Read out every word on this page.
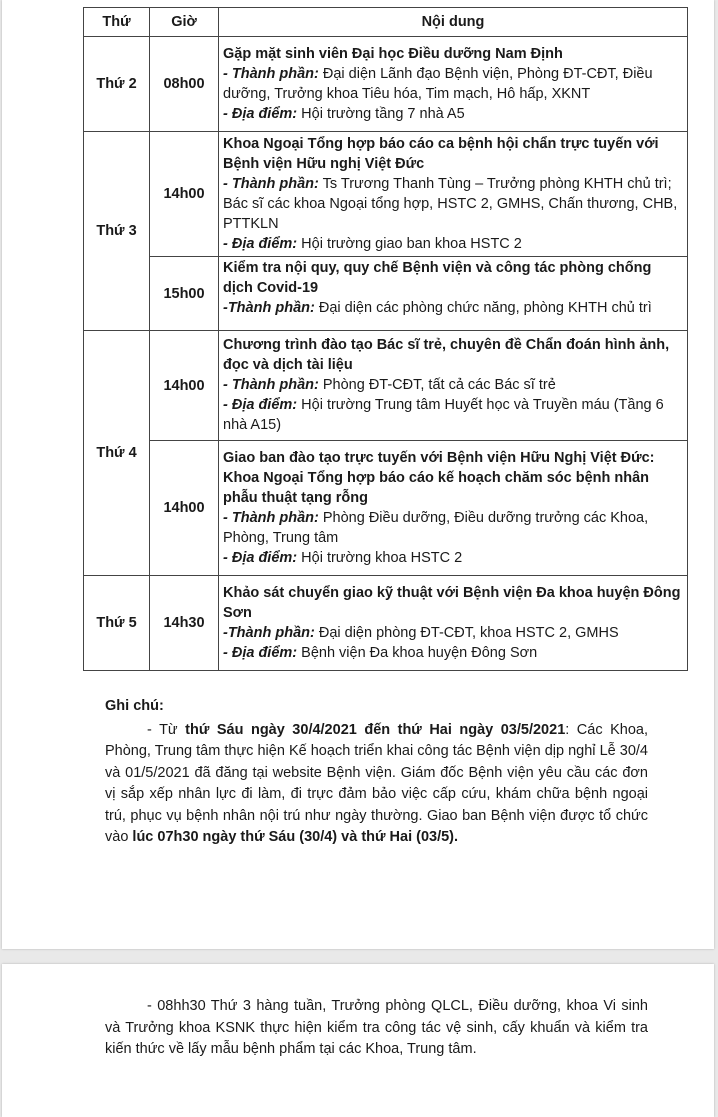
Thứ	Giờ	Nội dung
Thứ 2	08h00	Gặp mặt sinh viên Đại học Điều dưỡng Nam Định
- Thành phần: Đại diện Lãnh đạo Bệnh viện, Phòng ĐT-CĐT, Điều dưỡng, Trưởng khoa Tiêu hóa, Tim mạch, Hô hấp, XKNT
- Địa điểm: Hội trường tầng 7 nhà A5

Thứ 3	14h00	Khoa Ngoại Tổng hợp báo cáo ca bệnh hội chẩn trực tuyến với Bệnh viện Hữu nghị Việt Đức
- Thành phần: Ts Trương Thanh Tùng – Trưởng phòng KHTH chủ trì; Bác sĩ các khoa Ngoại tổng hợp, HSTC 2, GMHS, Chấn thương, CHB, PTTKLN
- Địa điểm: Hội trường giao ban khoa HSTC 2

	15h00	Kiểm tra nội quy, quy chế Bệnh viện và công tác phòng chống dịch Covid-19
-Thành phần: Đại diện các phòng chức năng, phòng KHTH chủ trì

Thứ 4	14h00	Chương trình đào tạo Bác sĩ trẻ, chuyên đề Chẩn đoán hình ảnh, đọc và dịch tài liệu
- Thành phần: Phòng ĐT-CĐT, tất cả các Bác sĩ trẻ
- Địa điểm: Hội trường Trung tâm Huyết học và Truyền máu (Tầng 6 nhà A15)

	14h00	Giao ban đào tạo trực tuyến với Bệnh viện Hữu Nghị Việt Đức: Khoa Ngoại Tổng hợp báo cáo kế hoạch chăm sóc bệnh nhân phẫu thuật tạng rỗng
- Thành phần: Phòng Điều dưỡng, Điều dưỡng trưởng các Khoa, Phòng, Trung tâm
- Địa điểm: Hội trường khoa HSTC 2

Thứ 5	14h30	Khảo sát chuyển giao kỹ thuật với Bệnh viện Đa khoa huyện Đông Sơn
-Thành phần: Đại diện phòng ĐT-CĐT, khoa HSTC 2, GMHS
- Địa điểm: Bệnh viện Đa khoa huyện Đông Sơn
Ghi chú:
- Từ thứ Sáu ngày 30/4/2021 đến thứ Hai ngày 03/5/2021: Các Khoa, Phòng, Trung tâm thực hiện Kế hoạch triển khai công tác Bệnh viện dịp nghỉ Lễ 30/4 và 01/5/2021 đã đăng tại website Bệnh viện. Giám đốc Bệnh viện yêu cầu các đơn vị sắp xếp nhân lực đi làm, đi trực đảm bảo việc cấp cứu, khám chữa bệnh ngoại trú, phục vụ bệnh nhân nội trú như ngày thường. Giao ban Bệnh viện được tổ chức vào lúc 07h30 ngày thứ Sáu (30/4) và thứ Hai (03/5).
- 08hh30 Thứ 3 hàng tuần, Trưởng phòng QLCL, Điều dưỡng, khoa Vi sinh và Trưởng khoa KSNK thực hiện kiểm tra công tác vệ sinh, cấy khuẩn và kiểm tra kiến thức về lấy mẫu bệnh phẩm tại các Khoa, Trung tâm.
